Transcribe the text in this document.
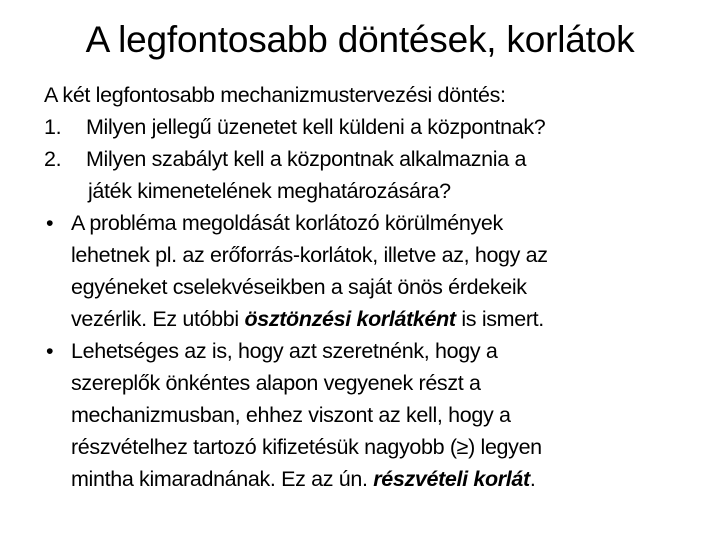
A legfontosabb döntések, korlátok
A két legfontosabb mechanizmustervezési döntés:
1. Milyen jellegű üzenetet kell küldeni a központnak?
2. Milyen szabályt kell a központnak alkalmaznia a
játék kimenetelének meghatározására?
• A probléma megoldását korlátozó körülmények
lehetnek pl. az erőforrás-korlátok, illetve az, hogy az
egyéneket cselekvéseikben a saját önös érdekeik
vezérlik. Ez utóbbi ösztönzési korlátként is ismert.
• Lehetséges az is, hogy azt szeretnénk, hogy a
szereplők önkéntes alapon vegyenek részt a
mechanizmusban, ehhez viszont az kell, hogy a
részvételhez tartozó kifizetésük nagyobb (≥) legyen
mintha kimaradnának. Ez az ún. részvételi korlát.
